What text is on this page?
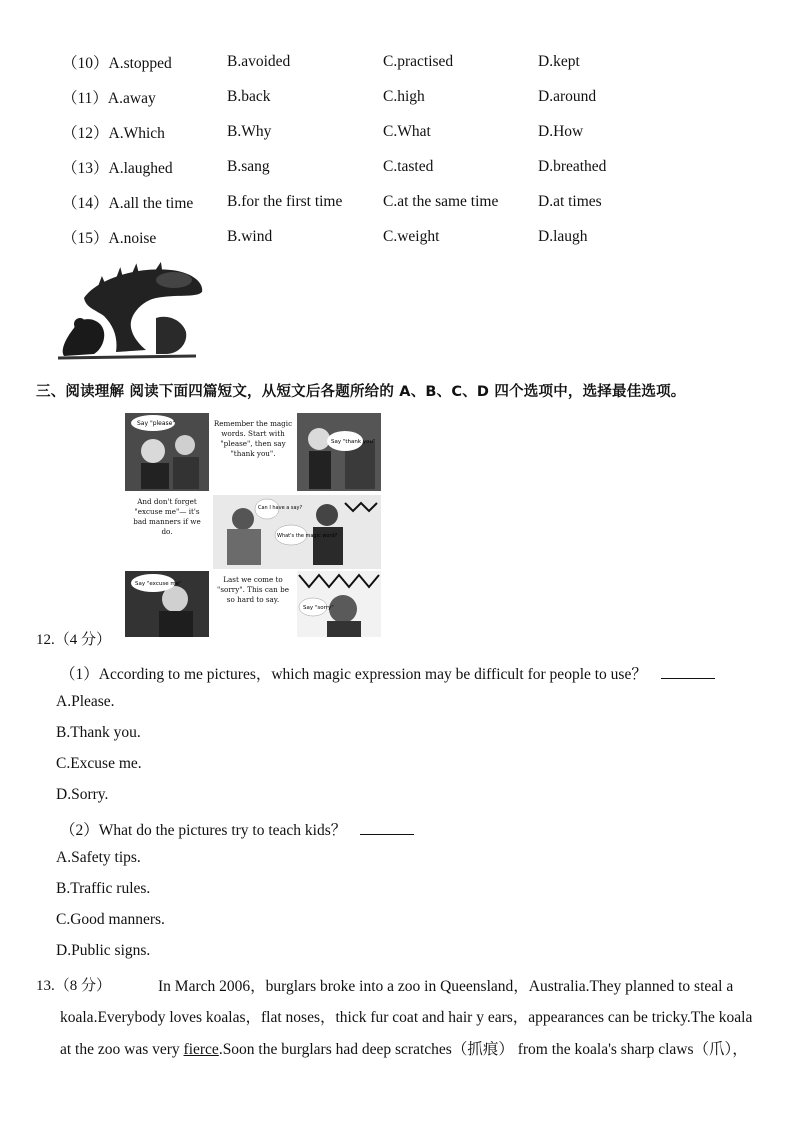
（10）A.stopped	B.avoided	C.practised	D.kept
（11）A.away	B.back	C.high	D.around
（12）A.Which	B.Why	C.What	D.How
（13）A.laughed	B.sang	C.tasted	D.breathed
（14）A.all the time	B.for the first time	C.at the same time	D.at times
（15）A.noise	B.wind	C.weight	D.laugh
三、阅读理解 阅读下面四篇短文，从短文后各题所给的 A、B、C、D 四个选项中，选择最佳选项。
Say "please"	Remember the magic words. Start with "please", then say "thank you".
Say "thank you"
And don't forget "excuse me"— it's bad manners if we do.
Can I have a say?
What's the magic word?
Say "excuse me"	Last we come to "sorry". This can be so hard to say.
Say "sorry"
12.（4 分）
（1）According to me pictures，which magic expression may be difficult for people to use？
A.Please.
B.Thank you.
C.Excuse me.
D.Sorry.
（2）What do the pictures try to teach kids？
A.Safety tips.
B.Traffic rules.
C.Good manners.
D.Public signs.
13.（8 分）	In March 2006，burglars broke into a zoo in Queensland，Australia.They planned to steal a
koala.Everybody loves koalas，flat noses，thick fur coat and hair y ears，appearances can be tricky.The koala
at the zoo was very fierce.Soon the burglars had deep scratches（抓痕） from the koala's sharp claws（爪），
